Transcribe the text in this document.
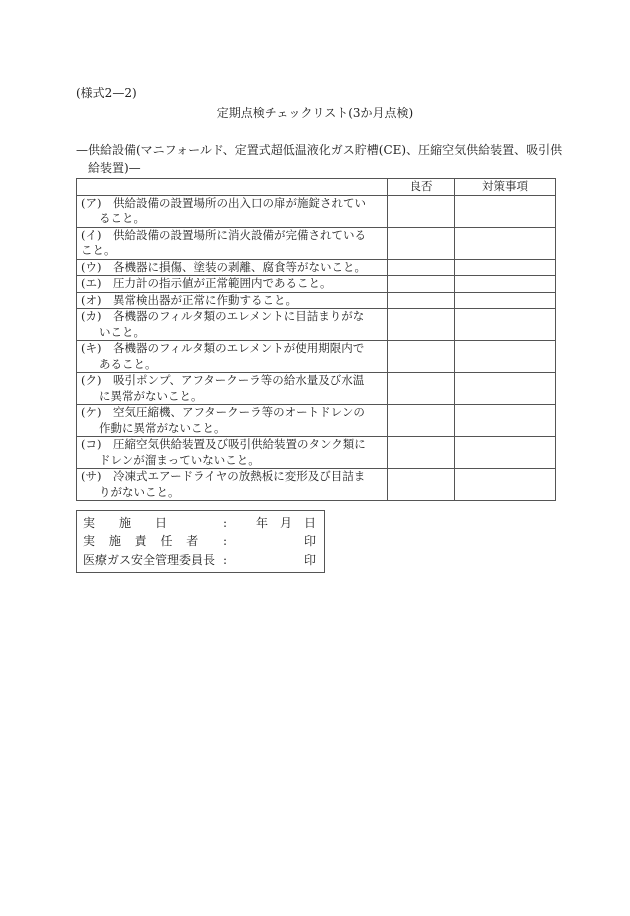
(様式2—2)
定期点検チェックリスト(3か月点検)
—供給設備(マニフォールド、定置式超低温液化ガス貯槽(CE)、圧縮空気供給装置、吸引供
給装置)—
	良否	対策事項

(ア)　供給設備の設置場所の出入口の扉が施錠されてい
ること。		

(イ)　供給設備の設置場所に消火設備が完備されている
こと。		

(ウ)　各機器に損傷、塗装の剥離、腐食等がないこと。		

(エ)　圧力計の指示値が正常範囲内であること。		

(オ)　異常検出器が正常に作動すること。		

(カ)　各機器のフィルタ類のエレメントに目詰まりがな
いこと。		

(キ)　各機器のフィルタ類のエレメントが使用期限内で
あること。		

(ク)　吸引ポンプ、アフタークーラ等の給水量及び水温
に異常がないこと。		

(ケ)　空気圧縮機、アフタークーラ等のオートドレンの
作動に異常がないこと。		

(コ)　圧縮空気供給装置及び吸引供給装置のタンク類に
ドレンが溜まっていないこと。		

(サ)　冷凍式エアードライヤの放熱板に変形及び目詰ま
りがないこと。		

実　　施　　日	: 年　月　日
実 施 責 任 者 :	印
医療ガス安全管理委員長 :	印
